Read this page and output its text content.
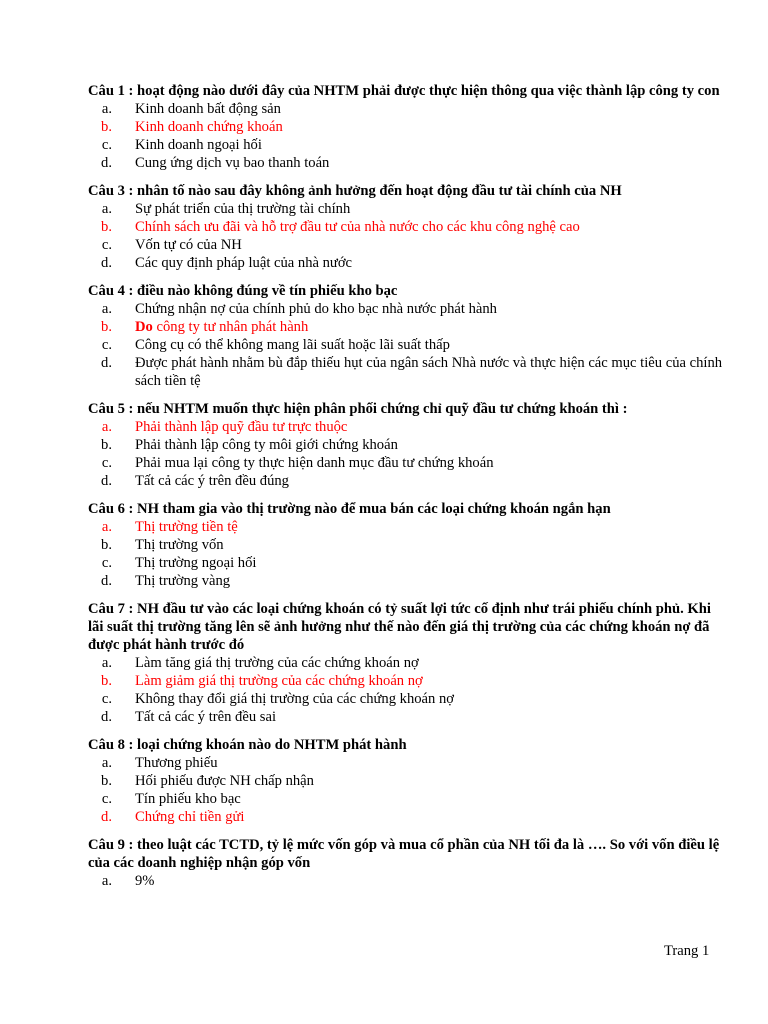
Câu 1 : hoạt động nào dưới đây của NHTM phải được thực hiện thông qua việc thành lập công ty con

a.	Kinh doanh bất động sản
b.	Kinh doanh chứng khoán
c.	Kinh doanh ngoại hối
d.	Cung ứng dịch vụ bao thanh toán

Câu 3 : nhân tố nào sau đây không ảnh hưởng đến hoạt động đầu tư tài chính của NH

a.	Sự phát triển của thị trường tài chính
b.	Chính sách ưu đãi và hỗ trợ đầu tư của nhà nước cho các khu công nghệ cao
c.	Vốn tự có của NH
d.	Các quy định pháp luật của nhà nước

Câu 4 : điều nào không đúng về tín phiếu kho bạc

a.	Chứng nhận nợ của chính phủ do kho bạc nhà nước phát hành
b.	Do công ty tư nhân phát hành
c.	Công cụ có thể không mang lãi suất hoặc lãi suất thấp
d.	Được phát hành nhằm bù đắp thiếu hụt của ngân sách Nhà nước và thực hiện các mục tiêu của chính sách tiền tệ

Câu 5 : nếu NHTM muốn thực hiện phân phối chứng chỉ quỹ đầu tư chứng khoán thì :

a.	Phải thành lập quỹ đầu tư trực thuộc
b.	Phải thành lập công ty môi giới chứng khoán
c.	Phải mua lại công ty thực hiện danh mục đầu tư chứng khoán
d.	Tất cả các ý trên đều đúng

Câu 6 : NH tham gia vào thị trường nào để mua bán các loại chứng khoán ngắn hạn

a.	Thị trường tiền tệ
b.	Thị trường vốn
c.	Thị trường ngoại hối
d.	Thị trường vàng

Câu 7 : NH đầu tư vào các loại chứng khoán có tỷ suất lợi tức cố định như trái phiếu chính phủ. Khi lãi suất thị trường tăng lên sẽ ảnh hưởng như thế nào đến giá thị trường của các chứng khoán nợ đã được phát hành trước đó

a.	Làm tăng giá thị trường của các chứng khoán nợ
b.	Làm giảm giá thị trường của các chứng khoán nợ
c.	Không thay đổi giá thị trường của các chứng khoán nợ
d.	Tất cả các ý trên đều sai

Câu 8 : loại chứng khoán nào do NHTM phát hành

a.	Thương phiếu
b.	Hối phiếu được NH chấp nhận
c.	Tín phiếu kho bạc
d.	Chứng chỉ tiền gửi

Câu 9 : theo luật các TCTD, tỷ lệ mức vốn góp và mua cổ phần của NH tối đa là …. So với vốn điều lệ của các doanh nghiệp nhận góp vốn

a.	9%
Trang 1
